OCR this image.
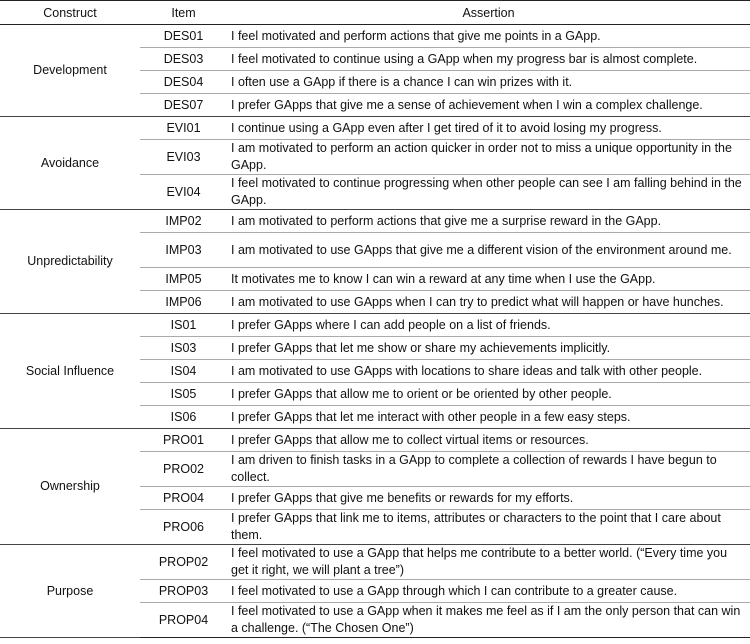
Construct	Item	Assertion
Development	DES01	I feel motivated and perform actions that give me points in a GApp.
	DES03	I feel motivated to continue using a GApp when my progress bar is almost complete.
	DES04	I often use a GApp if there is a chance I can win prizes with it.
	DES07	I prefer GApps that give me a sense of achievement when I win a complex challenge.
Avoidance	EVI01	I continue using a GApp even after I get tired of it to avoid losing my progress.
	EVI03	I am motivated to perform an action quicker in order not to miss a unique opportunity in the GApp.
	EVI04	I feel motivated to continue progressing when other people can see I am falling behind in the GApp.
Unpredictability	IMP02	I am motivated to perform actions that give me a surprise reward in the GApp.
	IMP03	I am motivated to use GApps that give me a different vision of the environment around me.
	IMP05	It motivates me to know I can win a reward at any time when I use the GApp.
	IMP06	I am motivated to use GApps when I can try to predict what will happen or have hunches.
Social Influence	IS01	I prefer GApps where I can add people on a list of friends.
	IS03	I prefer GApps that let me show or share my achievements implicitly.
	IS04	I am motivated to use GApps with locations to share ideas and talk with other people.
	IS05	I prefer GApps that allow me to orient or be oriented by other people.
	IS06	I prefer GApps that let me interact with other people in a few easy steps.
Ownership	PRO01	I prefer GApps that allow me to collect virtual items or resources.
	PRO02	I am driven to finish tasks in a GApp to complete a collection of rewards I have begun to collect.
	PRO04	I prefer GApps that give me benefits or rewards for my efforts.
	PRO06	I prefer GApps that link me to items, attributes or characters to the point that I care about them.
Purpose	PROP02	I feel motivated to use a GApp that helps me contribute to a better world. (“Every time you get it right, we will plant a tree”)
	PROP03	I feel motivated to use a GApp through which I can contribute to a greater cause.
	PROP04	I feel motivated to use a GApp when it makes me feel as if I am the only person that can win a challenge. (“The Chosen One”)
